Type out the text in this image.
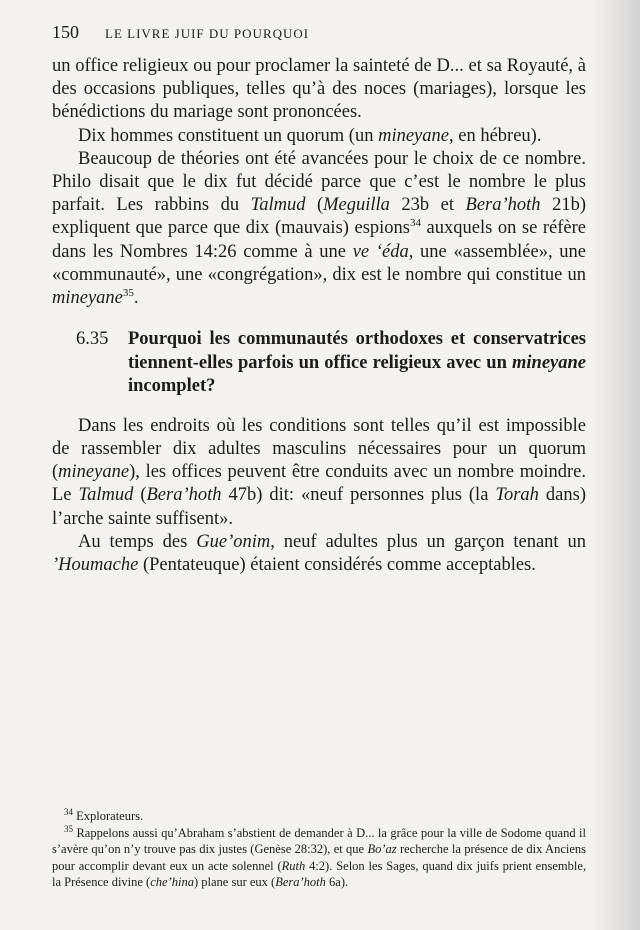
150 LE LIVRE JUIF DU POURQUOI

un office religieux ou pour proclamer la sainteté de D... et sa Royauté, à des occasions publiques, telles qu’à des noces (mariages), lorsque les bénédictions du mariage sont prononcées.

Dix hommes constituent un quorum (un mineyane, en hébreu).

Beaucoup de théories ont été avancées pour le choix de ce nombre. Philo disait que le dix fut décidé parce que c’est le nombre le plus parfait. Les rabbins du Talmud (Meguilla 23b et Bera’hoth 21b) expliquent que parce que dix (mauvais) espions$^{34}$ auxquels on se réfère dans les Nombres 14:26 comme à une ve ‘éda, une «assemblée», une «communauté», une «congrégation», dix est le nombre qui constitue un mineyane$^{35}$.

6.35	Pourquoi les communautés orthodoxes et conservatrices tiennent-elles parfois un office religieux avec un mineyane incomplet?

Dans les endroits où les conditions sont telles qu’il est impossible de rassembler dix adultes masculins nécessaires pour un quorum (mineyane), les offices peuvent être conduits avec un nombre moindre. Le Talmud (Bera’hoth 47b) dit: «neuf personnes plus (la Torah dans) l’arche sainte suffisent».

Au temps des Gue’onim, neuf adultes plus un garçon tenant un ’Houmache (Pentateuque) étaient considérés comme acceptables.

$^{34}$ Explorateurs.

$^{35}$ Rappelons aussi qu’Abraham s’abstient de demander à D... la grâce pour la ville de Sodome quand il s’avère qu’on n’y trouve pas dix justes (Genèse 28:32), et que Bo’az recherche la présence de dix Anciens pour accomplir devant eux un acte solennel (Ruth 4:2). Selon les Sages, quand dix juifs prient ensemble, la Présence divine (che’hina) plane sur eux (Bera’hoth 6a).
